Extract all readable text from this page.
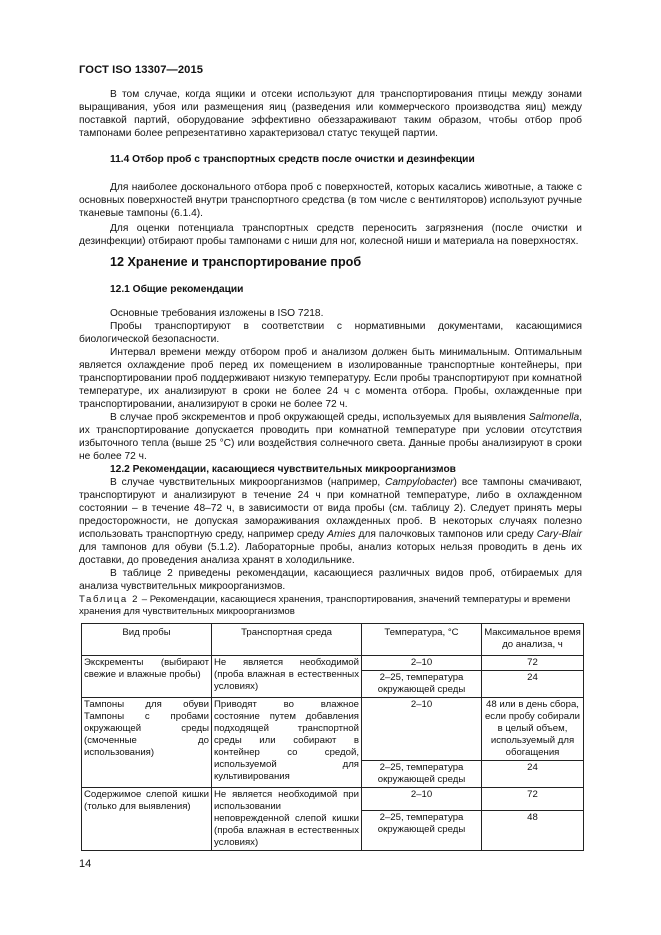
ГОСТ ISO 13307—2015

В том случае, когда ящики и отсеки используют для транспортирования птицы между зонами выращивания, убоя или размещения яиц (разведения или коммерческого производства яиц) между поставкой партий, оборудование эффективно обеззараживают таким образом, чтобы отбор проб тампонами более репрезентативно характеризовал статус текущей партии.

11.4 Отбор проб с транспортных средств после очистки и дезинфекции

Для наиболее досконального отбора проб с поверхностей, которых касались животные, а также с основных поверхностей внутри транспортного средства (в том числе с вентиляторов) используют ручные тканевые тампоны (6.1.4).

Для оценки потенциала транспортных средств переносить загрязнения (после очистки и дезинфекции) отбирают пробы тампонами с ниши для ног, колесной ниши и материала на поверхностях.

12 Хранение и транспортирование проб

12.1 Общие рекомендации

Основные требования изложены в ISO 7218.

Пробы транспортируют в соответствии с нормативными документами, касающимися биологической безопасности.

Интервал времени между отбором проб и анализом должен быть минимальным. Оптимальным является охлаждение проб перед их помещением в изолированные транспортные контейнеры, при транспортировании проб поддерживают низкую температуру. Если пробы транспортируют при комнатной температуре, их анализируют в сроки не более 24 ч с момента отбора. Пробы, охлажденные при транспортировании, анализируют в сроки не более 72 ч.

В случае проб экскрементов и проб окружающей среды, используемых для выявления Salmonella, их транспортирование допускается проводить при комнатной температуре при условии отсутствия избыточного тепла (выше 25 °С) или воздействия солнечного света. Данные пробы анализируют в сроки не более 72 ч.

12.2 Рекомендации, касающиеся чувствительных микроорганизмов

В случае чувствительных микроорганизмов (например, Campylobacter) все тампоны смачивают, транспортируют и анализируют в течение 24 ч при комнатной температуре, либо в охлажденном состоянии – в течение 48–72 ч, в зависимости от вида пробы (см. таблицу 2). Следует принять меры предосторожности, не допуская замораживания охлажденных проб. В некоторых случаях полезно использовать транспортную среду, например среду Amies для палочковых тампонов или среду Cary-Blair для тампонов для обуви (5.1.2). Лабораторные пробы, анализ которых нельзя проводить в день их доставки, до проведения анализа хранят в холодильнике.

В таблице 2 приведены рекомендации, касающиеся различных видов проб, отбираемых для анализа чувствительных микроорганизмов.

Таблица 2 – Рекомендации, касающиеся хранения, транспортирования, значений температуры и времени хранения для чувствительных микроорганизмов

Вид пробы	Транспортная среда	Температура, °С	Максимальное время до анализа, ч
Экскременты (выбирают свежие и влажные пробы)	Не является необходимой (проба влажная в естественных условиях)	2–10	72
		2–25, температура окружающей среды	24
Тампоны для обуви Тампоны с пробами окружающей среды (смоченные до использования)	Приводят во влажное состояние путем добавления подходящей транспортной среды или собирают в контейнер со средой, используемой для культивирования	2–10	48 или в день сбора, если пробу собирали в целый объем, используемый для обогащения
		2–25, температура окружающей среды	24
Содержимое слепой кишки (только для выявления)	Не является необходимой при использовании неповрежденной слепой кишки (проба влажная в естественных условиях)	2–10	72
		2–25, температура окружающей среды	48
14
